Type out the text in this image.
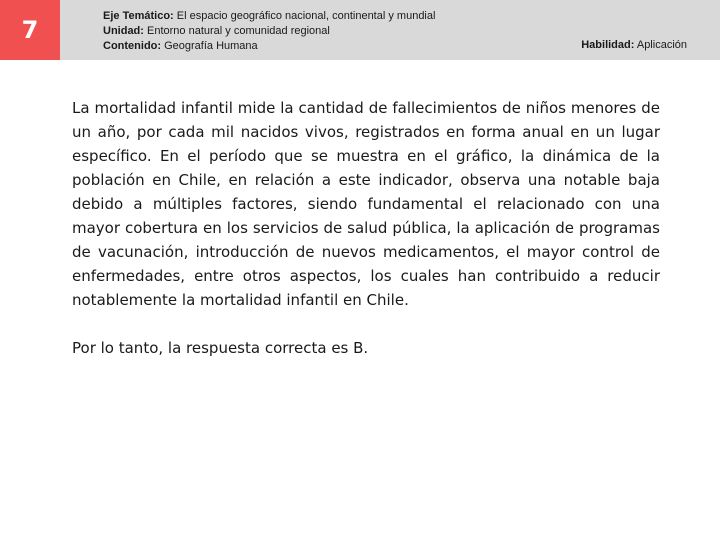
7	Eje Temático: El espacio geográfico nacional, continental y mundial
Unidad: Entorno natural y comunidad regional
Contenido: Geografía Humana	Habilidad: Aplicación

La mortalidad infantil mide la cantidad de fallecimientos de niños menores de un año, por cada mil nacidos vivos, registrados en forma anual en un lugar específico. En el período que se muestra en el gráfico, la dinámica de la población en Chile, en relación a este indicador, observa una notable baja debido a múltiples factores, siendo fundamental el relacionado con una mayor cobertura en los servicios de salud pública, la aplicación de programas de vacunación, introducción de nuevos medicamentos, el mayor control de enfermedades, entre otros aspectos, los cuales han contribuido a reducir notablemente la mortalidad infantil en Chile.

Por lo tanto, la respuesta correcta es B.
